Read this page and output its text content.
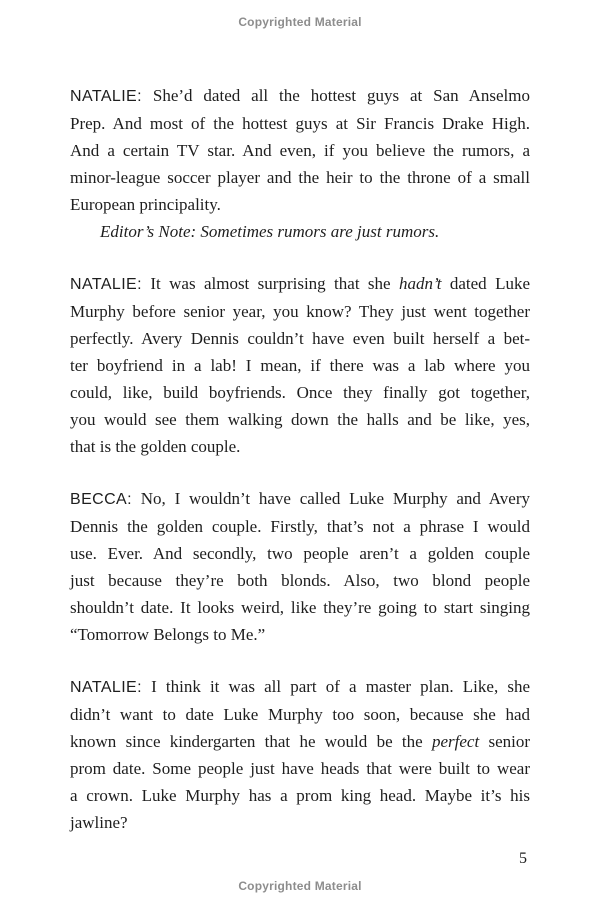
Copyrighted Material
NATALIE: She’d dated all the hottest guys at San Anselmo
Prep. And most of the hottest guys at Sir Francis Drake High.
And a certain TV star. And even, if you believe the rumors, a
minor-league soccer player and the heir to the throne of a small
European principality.
Editor’s Note: Sometimes rumors are just rumors.
NATALIE: It was almost surprising that she hadn’t dated Luke
Murphy before senior year, you know? They just went together
perfectly. Avery Dennis couldn’t have even built herself a bet-
ter boyfriend in a lab! I mean, if there was a lab where you
could, like, build boyfriends. Once they finally got together,
you would see them walking down the halls and be like, yes,
that is the golden couple.
BECCA: No, I wouldn’t have called Luke Murphy and Avery
Dennis the golden couple. Firstly, that’s not a phrase I would
use. Ever. And secondly, two people aren’t a golden couple
just because they’re both blonds. Also, two blond people
shouldn’t date. It looks weird, like they’re going to start singing
“Tomorrow Belongs to Me.”
NATALIE: I think it was all part of a master plan. Like, she
didn’t want to date Luke Murphy too soon, because she had
known since kindergarten that he would be the perfect senior
prom date. Some people just have heads that were built to wear
a crown. Luke Murphy has a prom king head. Maybe it’s his
jawline?
5
Copyrighted Material
